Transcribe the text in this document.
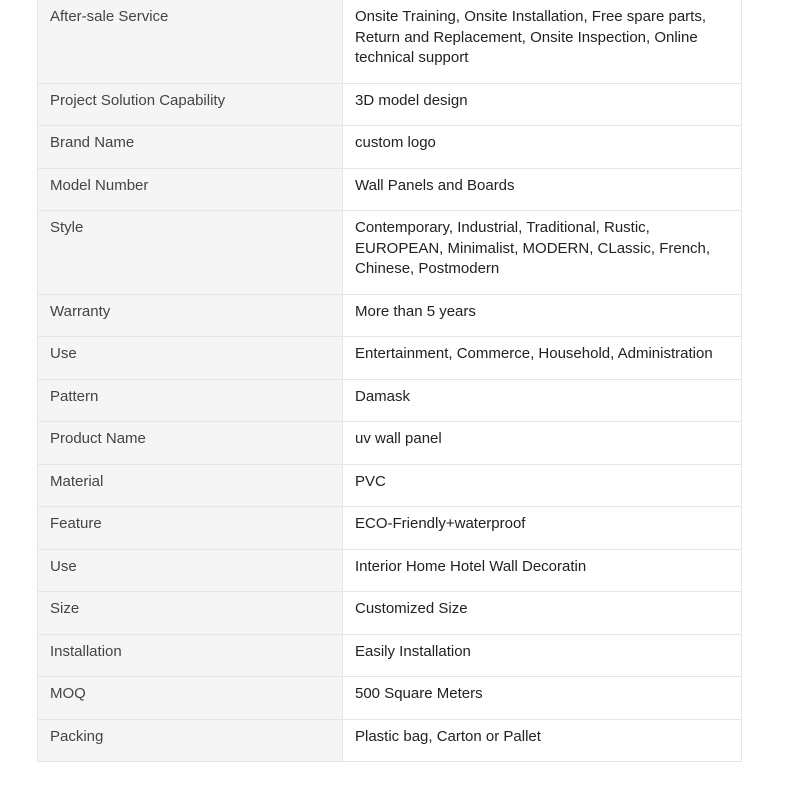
After-sale Service	Onsite Training, Onsite Installation, Free spare parts, Return and Replacement, Onsite Inspection, Online technical support
Project Solution Capability	3D model design
Brand Name	custom logo
Model Number	Wall Panels and Boards
Style	Contemporary, Industrial, Traditional, Rustic, EUROPEAN, Minimalist, MODERN, CLassic, French, Chinese, Postmodern
Warranty	More than 5 years
Use	Entertainment, Commerce, Household, Administration
Pattern	Damask
Product Name	uv wall panel
Material	PVC
Feature	ECO-Friendly+waterproof
Use	Interior Home Hotel Wall Decoratin
Size	Customized Size
Installation	Easily Installation
MOQ	500 Square Meters
Packing	Plastic bag, Carton or Pallet
